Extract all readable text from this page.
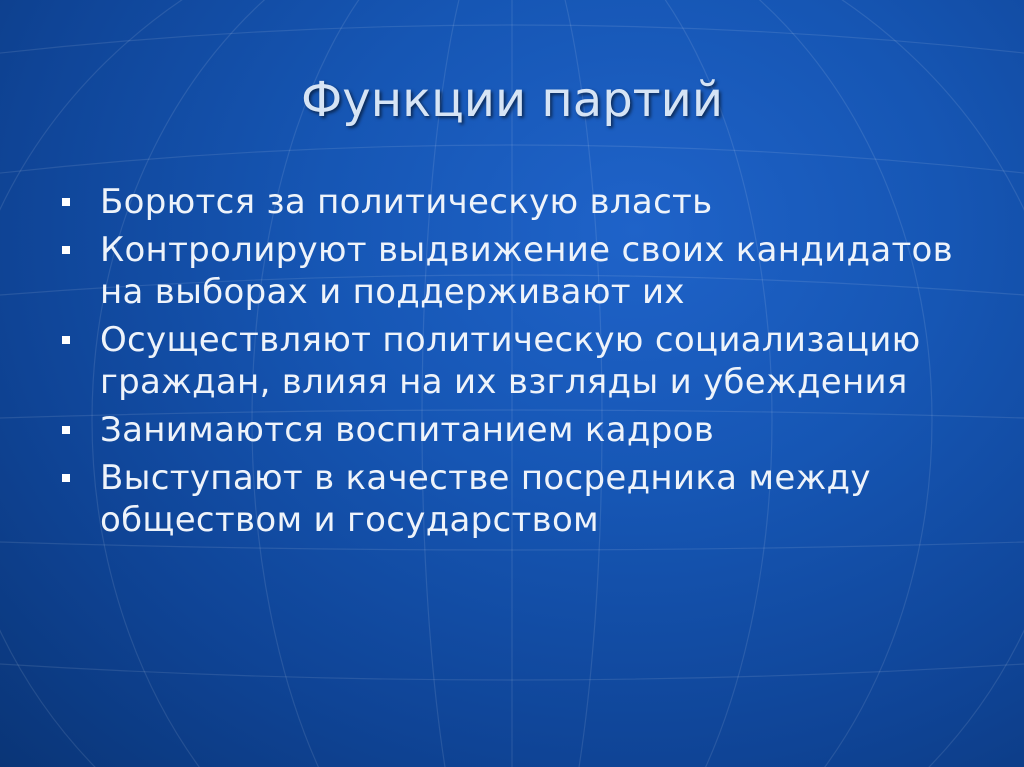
Функции партий
Борются за политическую власть
Контролируют выдвижение своих кандидатов на выборах и поддерживают их
Осуществляют политическую социализацию граждан, влияя на их взгляды и убеждения
Занимаются воспитанием кадров
Выступают в качестве посредника между обществом и государством
